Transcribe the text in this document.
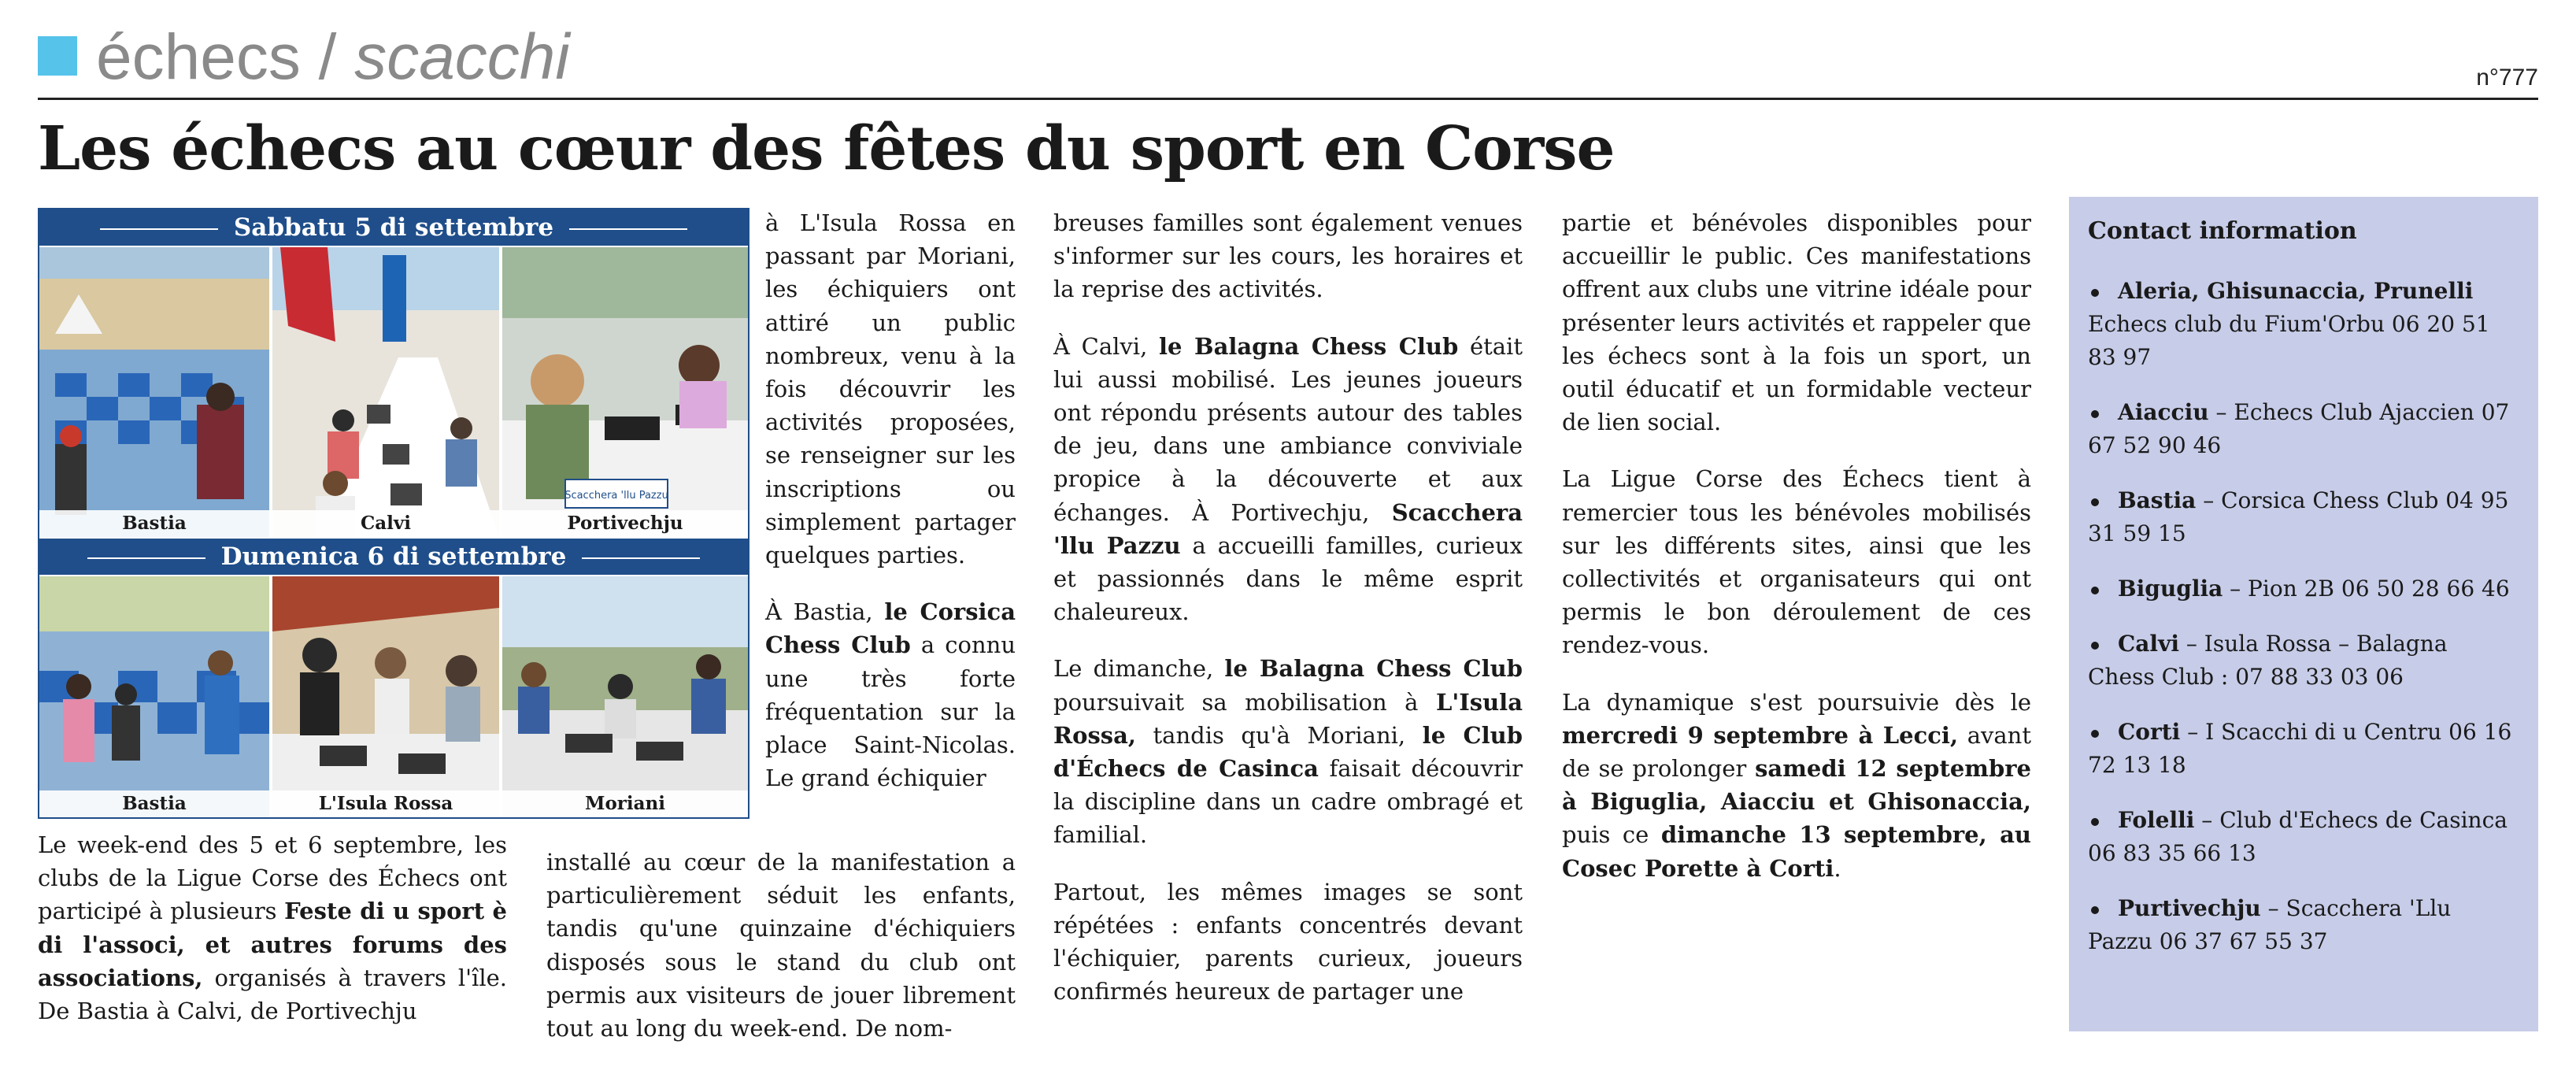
échecs / scacchi	n°777
Les échecs au cœur des fêtes du sport en Corse
Sabbatu 5 di settembre
Bastia	Calvi
Scacchera 'llu Pazzu
Portivechju
Dumenica 6 di settembre
Bastia	L'Isula Rossa	Moriani

Le week-end des 5 et 6 septembre, les clubs de la Ligue Corse des Échecs ont participé à plusieurs Feste di u sport è di l'associ, et autres forums des associations, organisés à travers l'île. De Bastia à Calvi, de Portivechju

à L'Isula Rossa en passant par Moriani, les échiquiers ont attiré un public nombreux, venu à la fois découvrir les activités proposées, se renseigner sur les inscriptions ou simplement partager quelques parties.

À Bastia, le Corsica Chess Club a connu une très forte fréquentation sur la place Saint-Nicolas. Le grand échiquier

installé au cœur de la manifestation a particulièrement séduit les enfants, tandis qu'une quinzaine d'échiquiers disposés sous le stand du club ont permis aux visiteurs de jouer librement tout au long du week-end. De nom-

breuses familles sont également venues s'informer sur les cours, les horaires et la reprise des activités.

À Calvi, le Balagna Chess Club était lui aussi mobilisé. Les jeunes joueurs ont répondu présents autour des tables de jeu, dans une ambiance conviviale propice à la découverte et aux échanges. À Portivechju, Scacchera 'llu Pazzu a accueilli familles, curieux et passionnés dans le même esprit chaleureux.

Le dimanche, le Balagna Chess Club poursuivait sa mobilisation à L'Isula Rossa, tandis qu'à Moriani, le Club d'Échecs de Casinca faisait découvrir la discipline dans un cadre ombragé et familial.

Partout, les mêmes images se sont répétées : enfants concentrés devant l'échiquier, parents curieux, joueurs confirmés heureux de partager une

partie et bénévoles disponibles pour accueillir le public. Ces manifestations offrent aux clubs une vitrine idéale pour présenter leurs activités et rappeler que les échecs sont à la fois un sport, un outil éducatif et un formidable vecteur de lien social.

La Ligue Corse des Échecs tient à remercier tous les bénévoles mobilisés sur les différents sites, ainsi que les collectivités et organisateurs qui ont permis le bon déroulement de ces rendez-vous.

La dynamique s'est poursuivie dès le mercredi 9 septembre à Lecci, avant de se prolonger samedi 12 septembre à Biguglia, Aiacciu et Ghisonaccia, puis ce dimanche 13 septembre, au Cosec Porette à Corti.

Contact information
Aleria, Ghisunaccia, Prunelli Echecs club du Fium'Orbu 06 20 51 83 97
Aiacciu – Echecs Club Ajaccien 07 67 52 90 46
Bastia – Corsica Chess Club 04 95 31 59 15
Biguglia – Pion 2B 06 50 28 66 46
Calvi – Isula Rossa – Balagna Chess Club : 07 88 33 03 06
Corti – I Scacchi di u Centru 06 16 72 13 18
Folelli – Club d'Echecs de Casinca 06 83 35 66 13
Purtivechju – Scacchera 'Llu Pazzu 06 37 67 55 37
